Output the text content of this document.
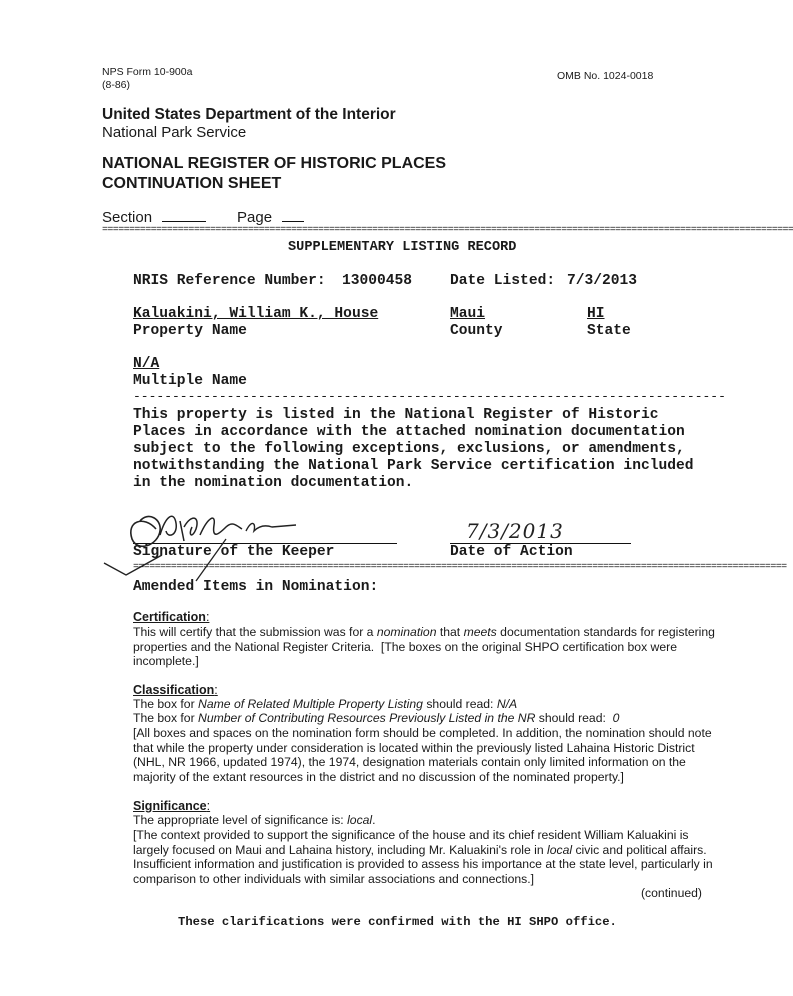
NPS Form 10-900a
(8-86)
OMB No. 1024-0018
United States Department of the Interior
National Park Service
NATIONAL REGISTER OF HISTORIC PLACES
CONTINUATION SHEET
Section	Page
================================================================================================================================
SUPPLEMENTARY LISTING RECORD
NRIS Reference Number: 13000458	Date Listed: 7/3/2013
Kaluakini, William K., House
Property Name
Maui
County
HI
State
N/A
Multiple Name
----------------------------------------------------------------------------
This property is listed in the National Register of Historic
Places in accordance with the attached nomination documentation
subject to the following exceptions, exclusions, or amendments,
notwithstanding the National Park Service certification included
in the nomination documentation.
Signature of the Keeper
7/3/2013
Date of Action
=========================================================================================================================
Amended Items in Nomination:
Certification:
This will certify that the submission was for a nomination that meets documentation standards for registering properties and the National Register Criteria.  [The boxes on the original SHPO certification box were incomplete.]
Classification:
The box for Name of Related Multiple Property Listing should read: N/A
The box for Number of Contributing Resources Previously Listed in the NR should read:  0
[All boxes and spaces on the nomination form should be completed. In addition, the nomination should note that while the property under consideration is located within the previously listed Lahaina Historic District (NHL, NR 1966, updated 1974), the 1974, designation materials contain only limited information on the majority of the extant resources in the district and no discussion of the nominated property.]
Significance:
The appropriate level of significance is: local.
[The context provided to support the significance of the house and its chief resident William Kaluakini is largely focused on Maui and Lahaina history, including Mr. Kaluakini's role in local civic and political affairs.  Insufficient information and justification is provided to assess his importance at the state level, particularly in comparison to other individuals with similar associations and connections.]
(continued)
These clarifications were confirmed with the HI SHPO office.
